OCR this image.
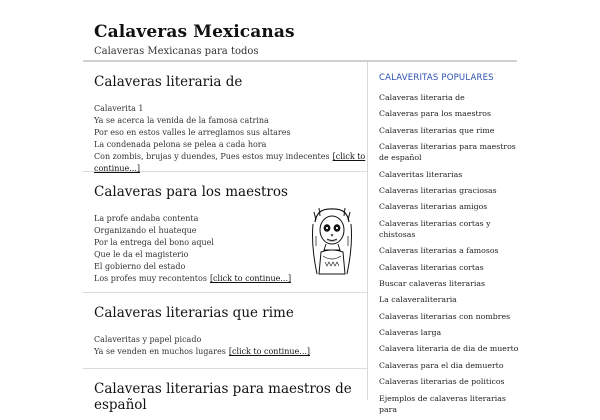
Calaveras Mexicanas
Calaveras Mexicanas para todos
Calaveras literaria de
Calaverita 1
Ya se acerca la venida de la famosa catrina
Por eso en estos valles le arreglamos sus altares
La condenada pelona se pelea a cada hora
Con zombis, brujas y duendes, Pues estos muy indecentes [click to continue...]
Calaveras para los maestros
La profe andaba contenta
Organizando el huateque
Por la entrega del bono aquel
Que le da el magisterio
El gobierno del estado
Los profes muy recontentos [click to continue...]
Calaveras literarias que rime
Calaveritas y papel picado
Ya se venden en muchos lugares [click to continue...]
Calaveras literarias para maestros de español
CALAVERITAS POPULARES
Calaveras literaria de
Calaveras para los maestros
Calaveras literarias que rime
Calaveras literarias para maestros de español
Calaveritas literarias
Calaveras literarias graciosas
Calaveras literarias amigos
Calaveras literarias cortas y chistosas
Calaveras literarias a famosos
Calaveras literarias cortas
Buscar calaveras literarias
La calaveraliteraria
Calaveras literarias con nombres
Calaveras larga
Calavera literaria de dia de muerto
Calaveras para el dia demuerto
Calaveras literarias de politicos
Ejemplos de calaveras literarias para
